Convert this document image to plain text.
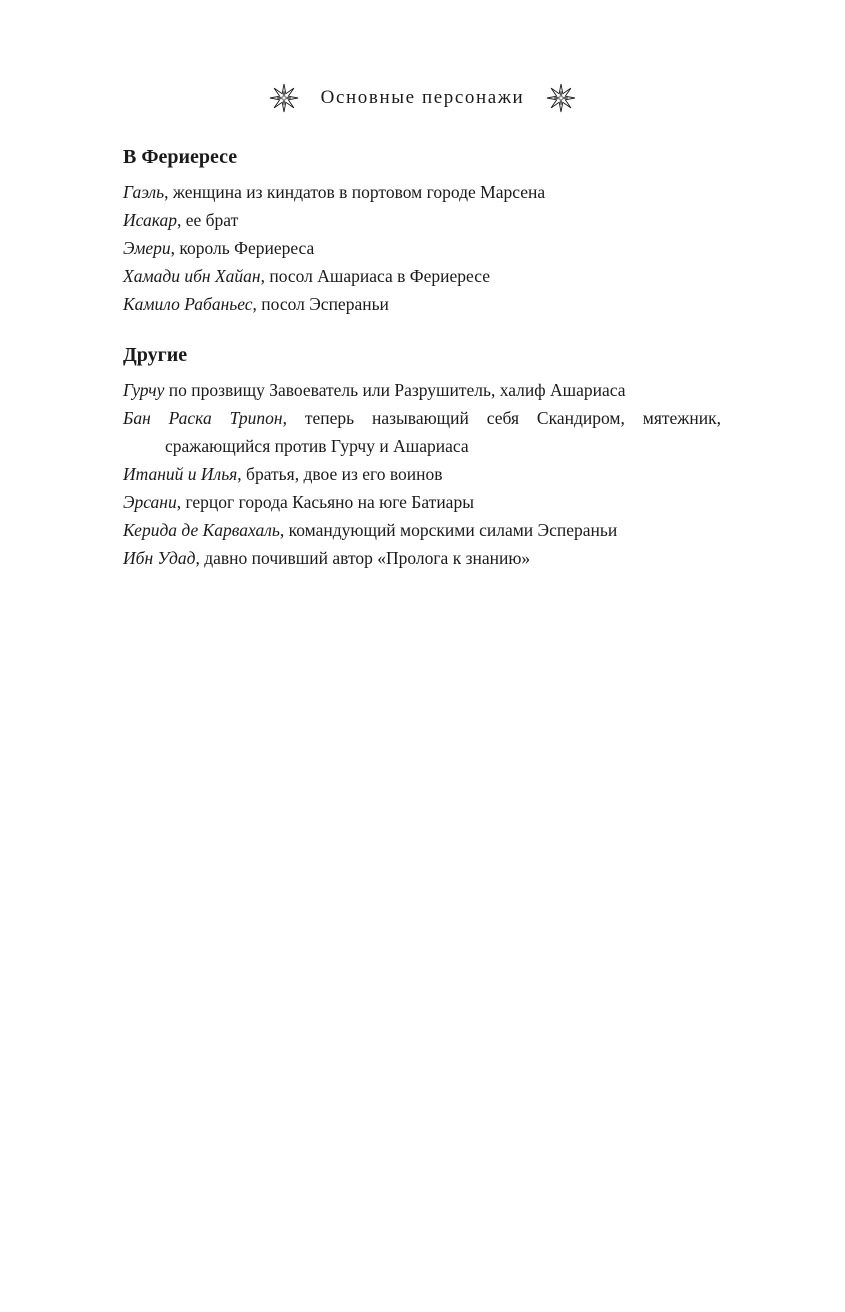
Основные персонажи
В Фериересе

Гаэль, женщина из киндатов в портовом городе Марсена

Исакар, ее брат

Эмери, король Фериереса

Хамади ибн Хайан, посол Ашариаса в Фериересе

Камило Рабаньес, посол Эсперaньи

Другие

Гурчу по прозвищу Завоеватель или Разрушитель, халиф Ашариаса

Бан Раска Трипон, теперь называющий себя Скандиром, мятежник, сражающийся против Гурчу и Ашариаса

Итаний и Илья, братья, двое из его воинов

Эрсани, герцог города Касьяно на юге Батиары

Керида де Карвахаль, командующий морскими силами Эсперaньи

Ибн Удад, давно почивший автор «Пролога к знанию»
